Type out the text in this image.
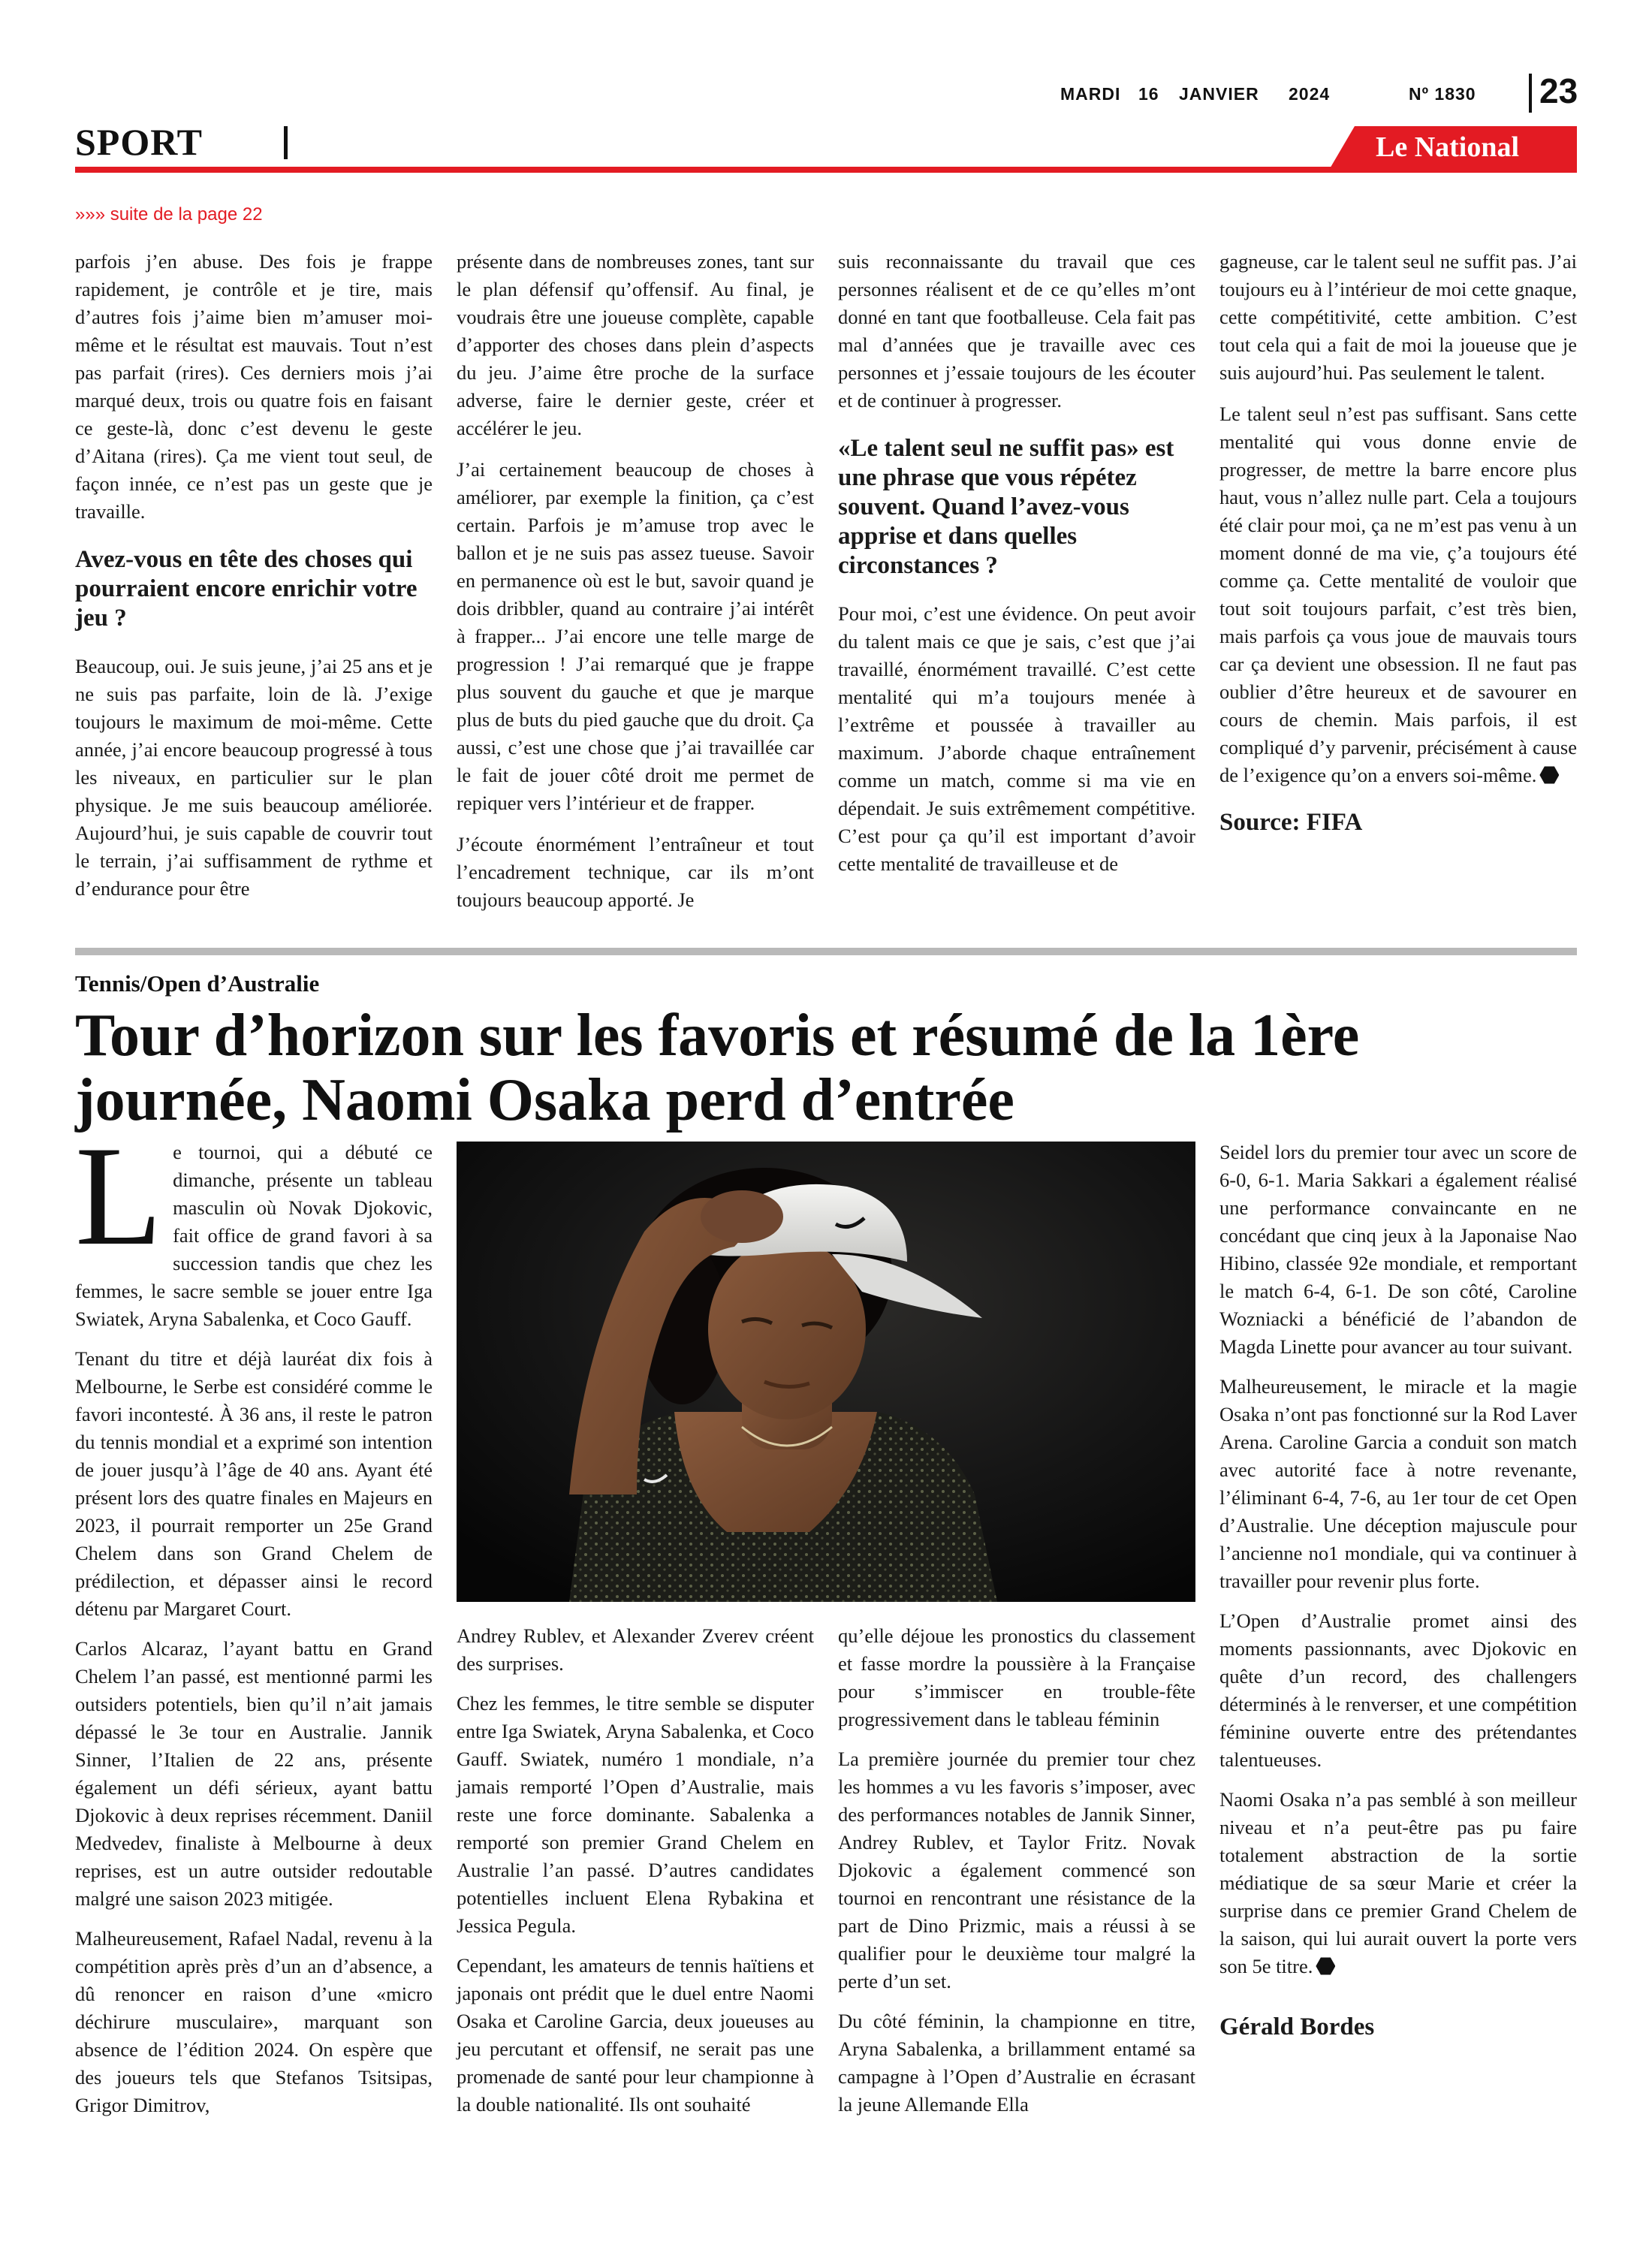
MARDI 16 JANVIER 2024	Nº 1830 23
SPORT	Le National
»»» suite de la page 22

parfois j’en abuse. Des fois je frappe rapidement, je contrôle et je tire, mais d’autres fois j’aime bien m’amuser moi-même et le résultat est mauvais. Tout n’est pas parfait (rires). Ces derniers mois j’ai marqué deux, trois ou quatre fois en faisant ce geste-là, donc c’est devenu le geste d’Aitana (rires). Ça me vient tout seul, de façon innée, ce n’est pas un geste que je travaille.

Avez-vous en tête des choses qui pourraient encore enrichir votre jeu ?

Beaucoup, oui. Je suis jeune, j’ai 25 ans et je ne suis pas parfaite, loin de là. J’exige toujours le maximum de moi-même. Cette année, j’ai encore beaucoup progressé à tous les niveaux, en particulier sur le plan physique. Je me suis beaucoup améliorée. Aujourd’hui, je suis capable de couvrir tout le terrain, j’ai suffisamment de rythme et d’endurance pour être

présente dans de nombreuses zones, tant sur le plan défensif qu’offensif. Au final, je voudrais être une joueuse complète, capable d’apporter des choses dans plein d’aspects du jeu. J’aime être proche de la surface adverse, faire le dernier geste, créer et accélérer le jeu.

J’ai certainement beaucoup de choses à améliorer, par exemple la finition, ça c’est certain. Parfois je m’amuse trop avec le ballon et je ne suis pas assez tueuse. Savoir en permanence où est le but, savoir quand je dois dribbler, quand au contraire j’ai intérêt à frapper... J’ai encore une telle marge de progression ! J’ai remarqué que je frappe plus souvent du gauche et que je marque plus de buts du pied gauche que du droit. Ça aussi, c’est une chose que j’ai travaillée car le fait de jouer côté droit me permet de repiquer vers l’intérieur et de frapper.

J’écoute énormément l’entraîneur et tout l’encadrement technique, car ils m’ont toujours beaucoup apporté. Je

suis reconnaissante du travail que ces personnes réalisent et de ce qu’elles m’ont donné en tant que footballeuse. Cela fait pas mal d’années que je travaille avec ces personnes et j’essaie toujours de les écouter et de continuer à progresser.

«Le talent seul ne suffit pas» est une phrase que vous répétez souvent. Quand l’avez-vous apprise et dans quelles circonstances ?

Pour moi, c’est une évidence. On peut avoir du talent mais ce que je sais, c’est que j’ai travaillé, énormément travaillé. C’est cette mentalité qui m’a toujours menée à l’extrême et poussée à travailler au maximum. J’aborde chaque entraînement comme un match, comme si ma vie en dépendait. Je suis extrêmement compétitive. C’est pour ça qu’il est important d’avoir cette mentalité de travailleuse et de

gagneuse, car le talent seul ne suffit pas. J’ai toujours eu à l’intérieur de moi cette gnaque, cette compétitivité, cette ambition. C’est tout cela qui a fait de moi la joueuse que je suis aujourd’hui. Pas seulement le talent.

Le talent seul n’est pas suffisant. Sans cette mentalité qui vous donne envie de progresser, de mettre la barre encore plus haut, vous n’allez nulle part. Cela a toujours été clair pour moi, ça ne m’est pas venu à un moment donné de ma vie, ç’a toujours été comme ça. Cette mentalité de vouloir que tout soit toujours parfait, c’est très bien, mais parfois ça vous joue de mauvais tours car ça devient une obsession. Il ne faut pas oublier d’être heureux et de savourer en cours de chemin. Mais parfois, il est compliqué d’y parvenir, précisément à cause de l’exigence qu’on a envers soi-même.

Source: FIFA
Tennis/Open d’Australie
Tour d’horizon sur les favoris et résumé de la 1ère journée, Naomi Osaka perd d’entrée

Le tournoi, qui a débuté ce dimanche, présente un tableau masculin où Novak Djokovic, fait office de grand favori à sa succession tandis que chez les femmes, le sacre semble se jouer entre Iga Swiatek, Aryna Sabalenka, et Coco Gauff.

Tenant du titre et déjà lauréat dix fois à Melbourne, le Serbe est considéré comme le favori incontesté. À 36 ans, il reste le patron du tennis mondial et a exprimé son intention de jouer jusqu’à l’âge de 40 ans. Ayant été présent lors des quatre finales en Majeurs en 2023, il pourrait remporter un 25e Grand Chelem dans son Grand Chelem de prédilection, et dépasser ainsi le record détenu par Margaret Court.

Carlos Alcaraz, l’ayant battu en Grand Chelem l’an passé, est mentionné parmi les outsiders potentiels, bien qu’il n’ait jamais dépassé le 3e tour en Australie. Jannik Sinner, l’Italien de 22 ans, présente également un défi sérieux, ayant battu Djokovic à deux reprises récemment. Daniil Medvedev, finaliste à Melbourne à deux reprises, est un autre outsider redoutable malgré une saison 2023 mitigée.

Malheureusement, Rafael Nadal, revenu à la compétition après près d’un an d’absence, a dû renoncer en raison d’une «micro déchirure musculaire», marquant son absence de l’édition 2024. On espère que des joueurs tels que Stefanos Tsitsipas, Grigor Dimitrov,

Andrey Rublev, et Alexander Zverev créent des surprises.

Chez les femmes, le titre semble se disputer entre Iga Swiatek, Aryna Sabalenka, et Coco Gauff. Swiatek, numéro 1 mondiale, n’a jamais remporté l’Open d’Australie, mais reste une force dominante. Sabalenka a remporté son premier Grand Chelem en Australie l’an passé. D’autres candidates potentielles incluent Elena Rybakina et Jessica Pegula.

Cependant, les amateurs de tennis haïtiens et japonais ont prédit que le duel entre Naomi Osaka et Caroline Garcia, deux joueuses au jeu percutant et offensif, ne serait pas une promenade de santé pour leur championne à la double nationalité. Ils ont souhaité

qu’elle déjoue les pronostics du classement et fasse mordre la poussière à la Française pour s’immiscer en trouble-fête progressivement dans le tableau féminin

La première journée du premier tour chez les hommes a vu les favoris s’imposer, avec des performances notables de Jannik Sinner, Andrey Rublev, et Taylor Fritz. Novak Djokovic a également commencé son tournoi en rencontrant une résistance de la part de Dino Prizmic, mais a réussi à se qualifier pour le deuxième tour malgré la perte d’un set.

Du côté féminin, la championne en titre, Aryna Sabalenka, a brillamment entamé sa campagne à l’Open d’Australie en écrasant la jeune Allemande Ella

Seidel lors du premier tour avec un score de 6-0, 6-1. Maria Sakkari a également réalisé une performance convaincante en ne concédant que cinq jeux à la Japonaise Nao Hibino, classée 92e mondiale, et remportant le match 6-4, 6-1. De son côté, Caroline Wozniacki a bénéficié de l’abandon de Magda Linette pour avancer au tour suivant.

Malheureusement, le miracle et la magie Osaka n’ont pas fonctionné sur la Rod Laver Arena. Caroline Garcia a conduit son match avec autorité face à notre revenante, l’éliminant 6-4, 7-6, au 1er tour de cet Open d’Australie. Une déception majuscule pour l’ancienne no1 mondiale, qui va continuer à travailler pour revenir plus forte.

L’Open d’Australie promet ainsi des moments passionnants, avec Djokovic en quête d’un record, des challengers déterminés à le renverser, et une compétition féminine ouverte entre des prétendantes talentueuses.

Naomi Osaka n’a pas semblé à son meilleur niveau et n’a peut-être pas pu faire totalement abstraction de la sortie médiatique de sa sœur Marie et créer la surprise dans ce premier Grand Chelem de la saison, qui lui aurait ouvert la porte vers son 5e titre.

Gérald Bordes
